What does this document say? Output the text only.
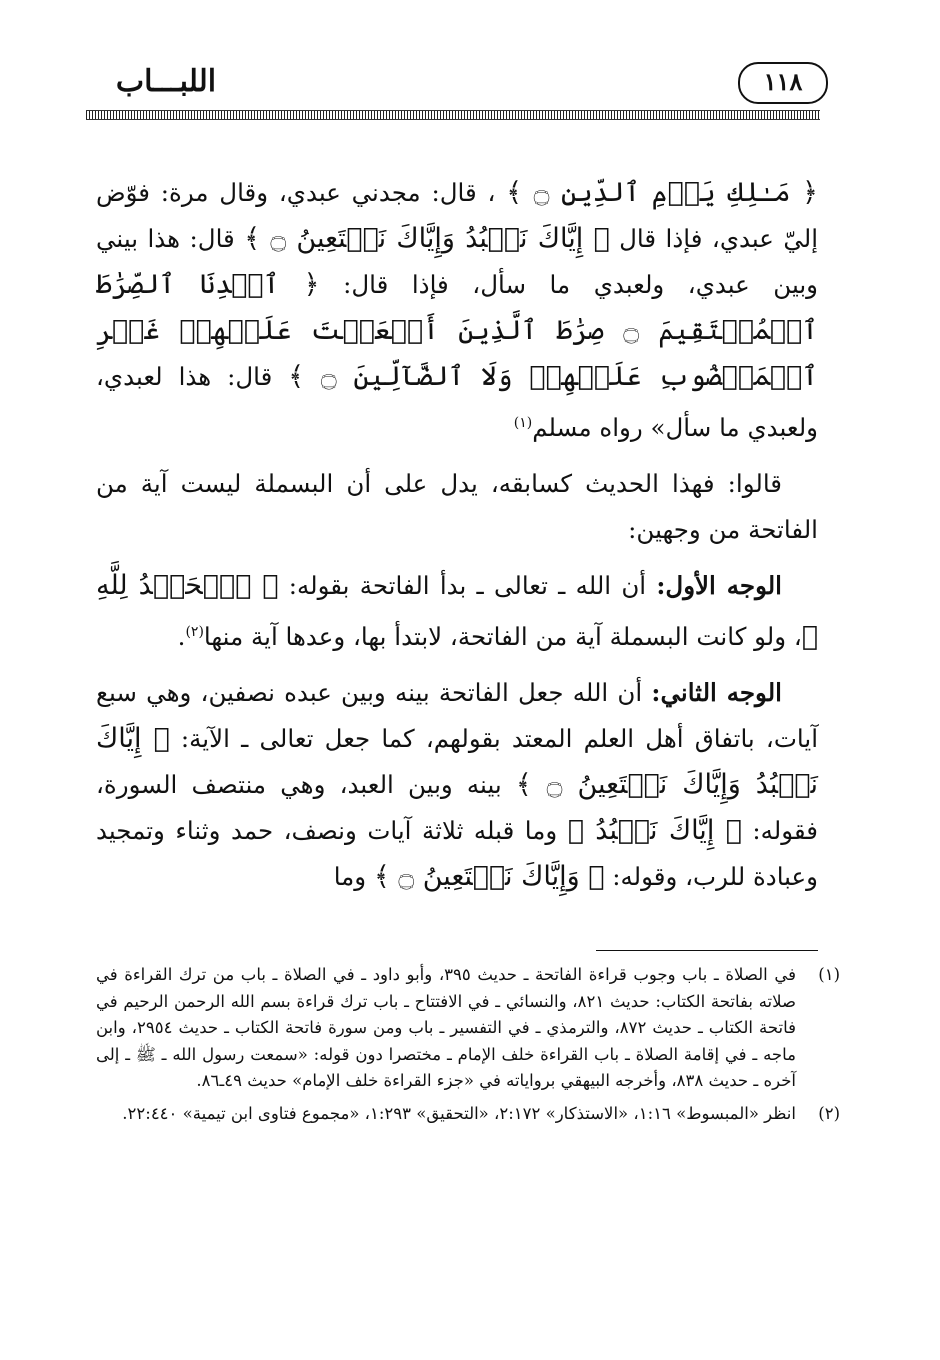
١١٨
اللبـــاب

﴿ مَـٰلِكِ يَوۡمِ ٱلدِّينِ ۝ ﴾ ، قال: مجدني عبدي، وقال مرة: فوّض إليّ عبدي، فإذا قال ﴿ إِيَّاكَ نَعۡبُدُ وَإِيَّاكَ نَسۡتَعِينُ ۝ ﴾ قال: هذا بيني وبين عبدي، ولعبدي ما سأل، فإذا قال: ﴿ ٱهۡدِنَا ٱلصِّرَٰطَ ٱلۡمُسۡتَقِيمَ ۝ صِرَٰطَ ٱلَّذِينَ أَنۡعَمۡتَ عَلَيۡهِمۡ غَيۡرِ ٱلۡمَغۡضُوبِ عَلَيۡهِمۡ وَلَا ٱلضَّآلِّينَ ۝ ﴾ قال: هذا لعبدي، ولعبدي ما سأل» رواه مسلم$^{(١)}$

قالوا: فهذا الحديث كسابقه، يدل على أن البسملة ليست آية من الفاتحة من وجهين:

الوجه الأول: أن الله ـ تعالى ـ بدأ الفاتحة بقوله: ﴿ ٱلۡحَمۡدُ لِلَّهِ ﴾، ولو كانت البسملة آية من الفاتحة، لابتدأ بها، وعدها آية منها$^{(٢)}$.

الوجه الثاني: أن الله جعل الفاتحة بينه وبين عبده نصفين، وهي سبع آيات، باتفاق أهل العلم المعتد بقولهم، كما جعل تعالى ـ الآية: ﴿ إِيَّاكَ نَعۡبُدُ وَإِيَّاكَ نَسۡتَعِينُ ۝ ﴾ بينه وبين العبد، وهي منتصف السورة، فقوله: ﴿ إِيَّاكَ نَعۡبُدُ ﴾ وما قبله ثلاثة آيات ونصف، حمد وثناء وتمجيد وعبادة للرب، وقوله: ﴿ وَإِيَّاكَ نَسۡتَعِينُ ۝ ﴾ وما

(١)
في الصلاة ـ باب وجوب قراءة الفاتحة ـ حديث ٣٩٥، وأبو داود ـ في الصلاة ـ باب من ترك القراءة في صلاته بفاتحة الكتاب: حديث ٨٢١، والنسائي ـ في الافتتاح ـ باب ترك قراءة بسم الله الرحمن الرحيم في فاتحة الكتاب ـ حديث ٨٧٢، والترمذي ـ في التفسير ـ باب ومن سورة فاتحة الكتاب ـ حديث ٢٩٥٤، وابن ماجه ـ في إقامة الصلاة ـ باب القراءة خلف الإمام ـ مختصرا دون قوله: «سمعت رسول الله ـ ﷺ ـ إلى آخره ـ حديث ٨٣٨، وأخرجه البيهقي برواياته في «جزء القراءة خلف الإمام» حديث ٤٩ـ٨٦.
(٢)
انظر «المبسوط» ١:١٦، «الاستذكار» ٢:١٧٢، «التحقيق» ١:٢٩٣، «مجموع فتاوى ابن تيمية» ٢٢:٤٤٠.
